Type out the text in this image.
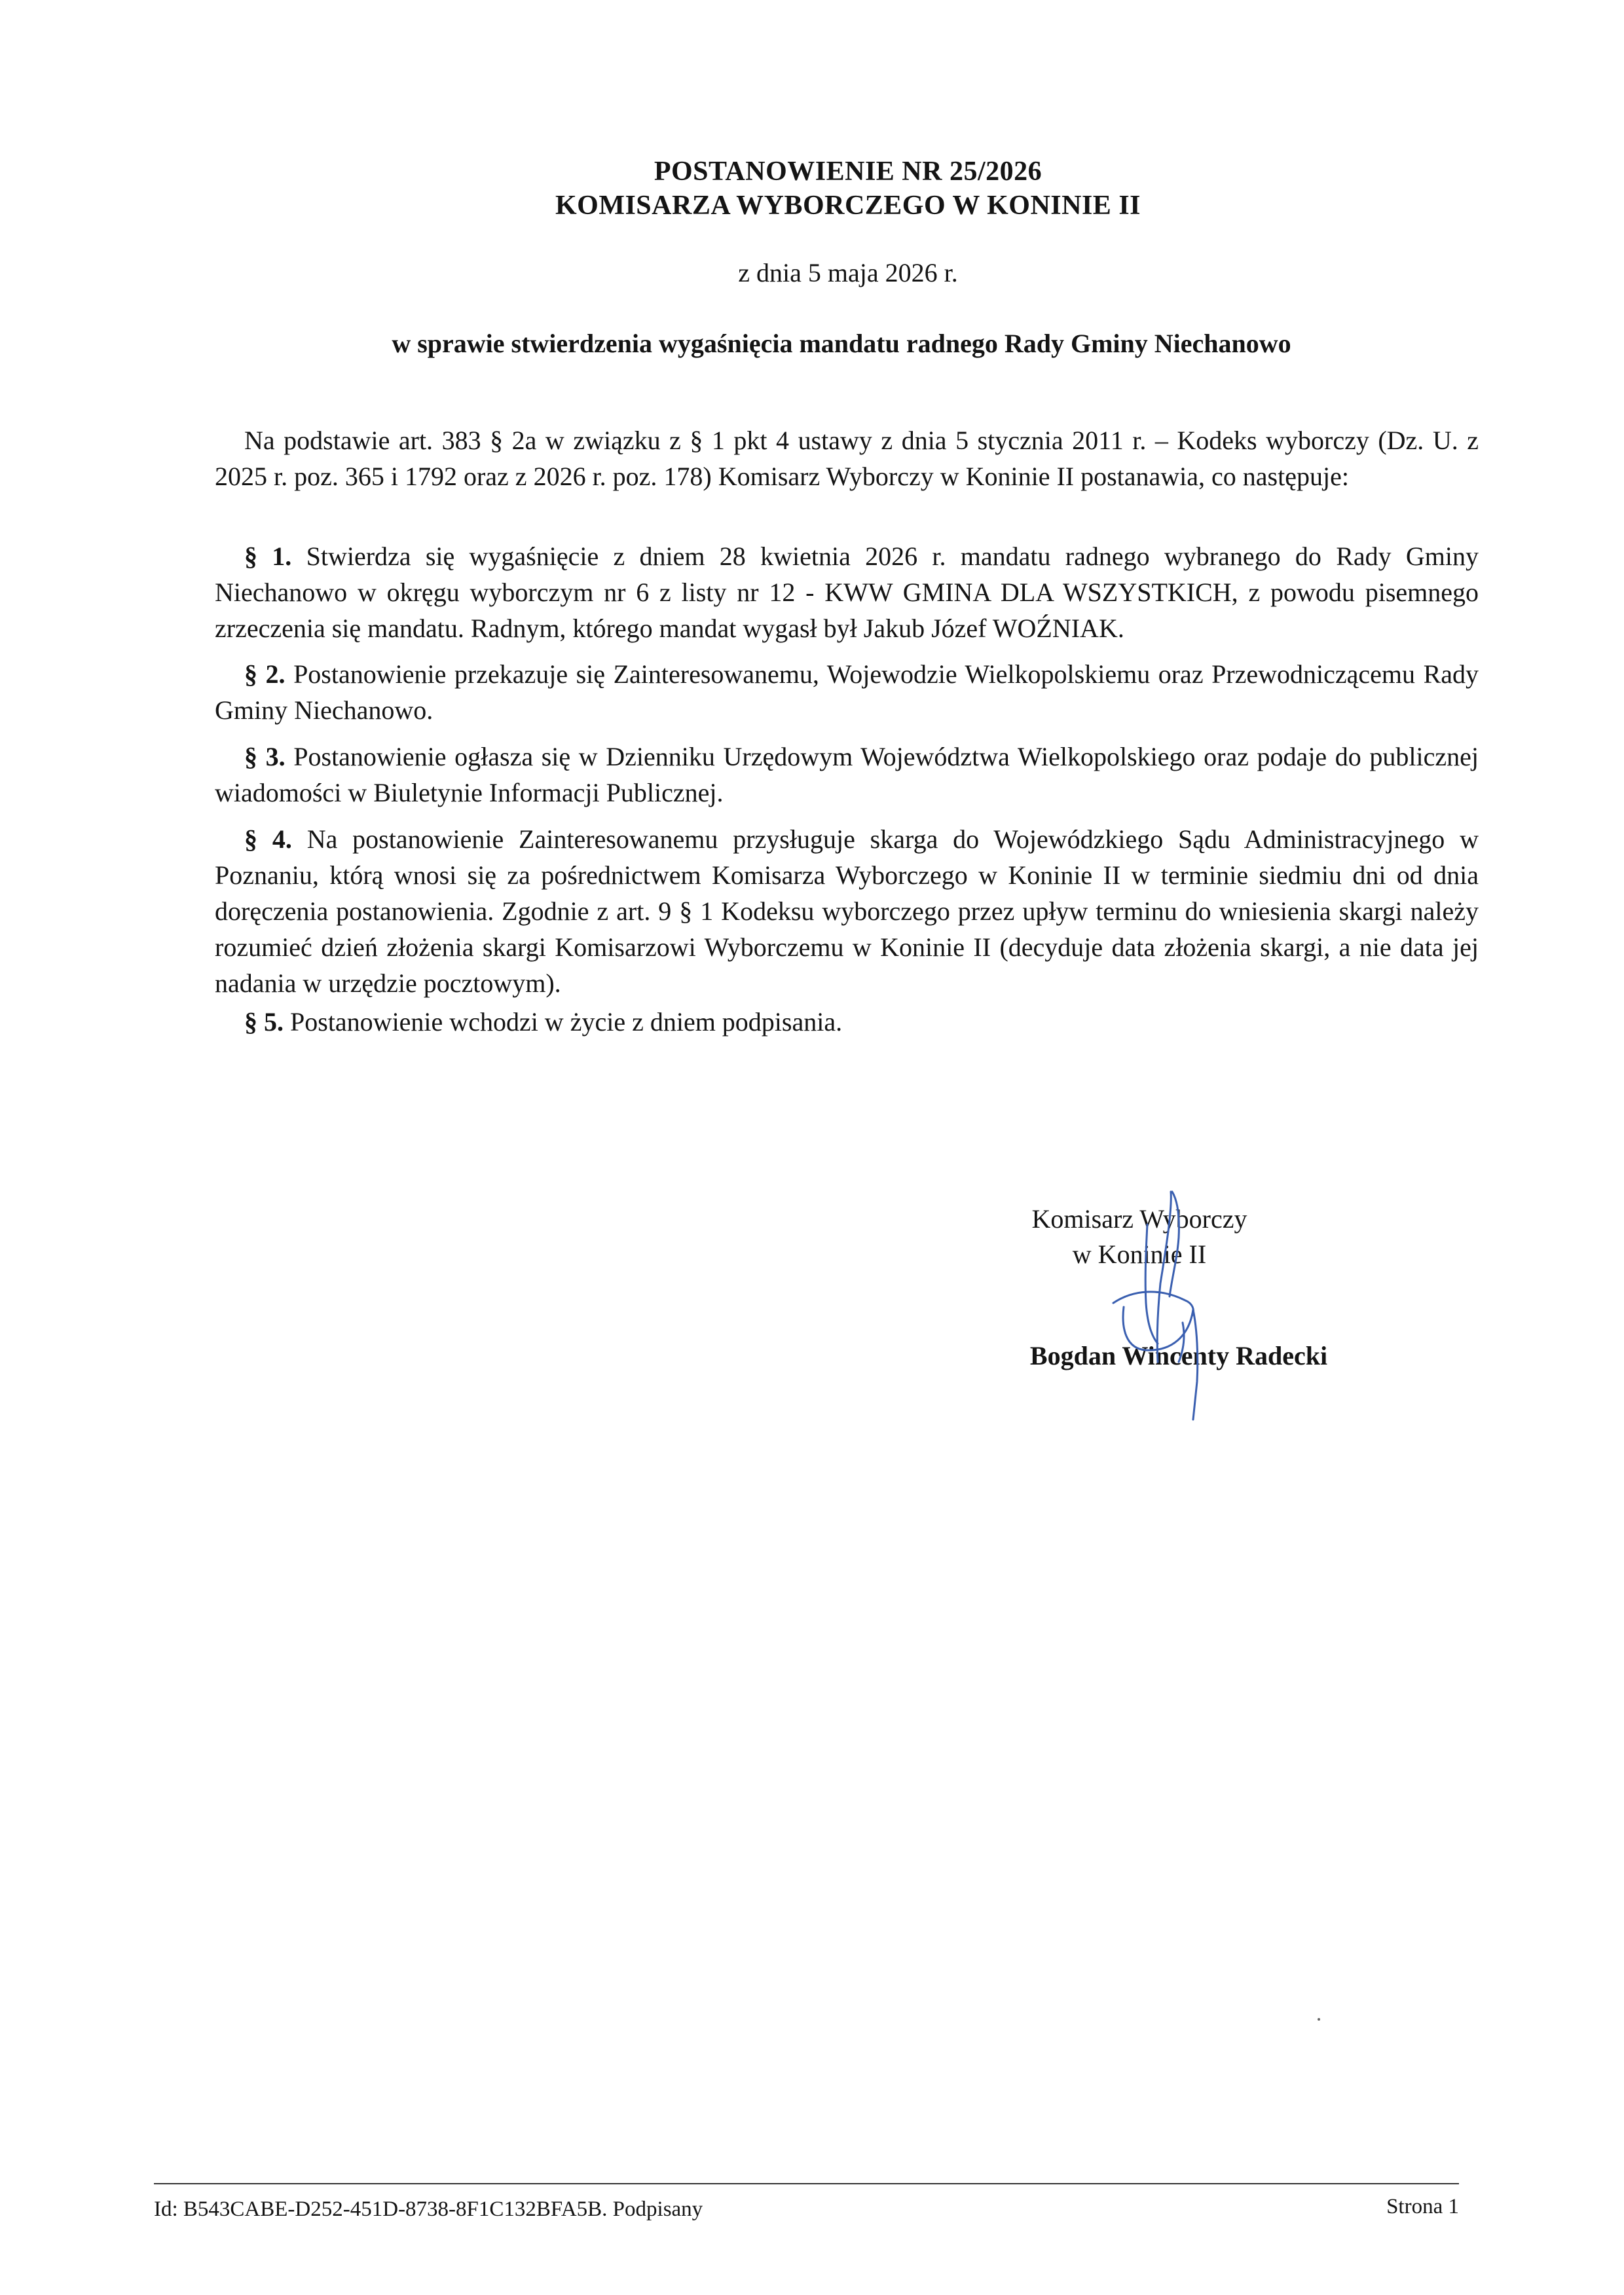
POSTANOWIENIE NR 25/2026
KOMISARZA WYBORCZEGO W KONINIE II
z dnia 5 maja 2026 r.
w sprawie stwierdzenia wygaśnięcia mandatu radnego Rady Gminy Niechanowo

Na podstawie art. 383 § 2a w związku z § 1 pkt 4 ustawy z dnia 5 stycznia 2011 r. – Kodeks wyborczy (Dz. U. z 2025 r. poz. 365 i 1792 oraz z 2026 r. poz. 178) Komisarz Wyborczy w Koninie II postanawia, co następuje:

§ 1. Stwierdza się wygaśnięcie z dniem 28 kwietnia 2026 r. mandatu radnego wybranego do Rady Gminy Niechanowo w okręgu wyborczym nr 6 z listy nr 12 - KWW GMINA DLA WSZYSTKICH, z powodu pisemnego zrzeczenia się mandatu. Radnym, którego mandat wygasł był Jakub Józef WOŹNIAK.

§ 2. Postanowienie przekazuje się Zainteresowanemu, Wojewodzie Wielkopolskiemu oraz Przewodniczącemu Rady Gminy Niechanowo.

§ 3. Postanowienie ogłasza się w Dzienniku Urzędowym Województwa Wielkopolskiego oraz podaje do publicznej wiadomości w Biuletynie Informacji Publicznej.

§ 4. Na postanowienie Zainteresowanemu przysługuje skarga do Wojewódzkiego Sądu Administracyjnego w Poznaniu, którą wnosi się za pośrednictwem Komisarza Wyborczego w Koninie II w terminie siedmiu dni od dnia doręczenia postanowienia. Zgodnie z art. 9 § 1 Kodeksu wyborczego przez upływ terminu do wniesienia skargi należy rozumieć dzień złożenia skargi Komisarzowi Wyborczemu w Koninie II (decyduje data złożenia skargi, a nie data jej nadania w urzędzie pocztowym).

§ 5. Postanowienie wchodzi w życie z dniem podpisania.

Komisarz Wyborczy
w Koninie II
Bogdan Wincenty Radecki
Id: B543CABE-D252-451D-8738-8F1C132BFA5B. Podpisany	Strona 1
